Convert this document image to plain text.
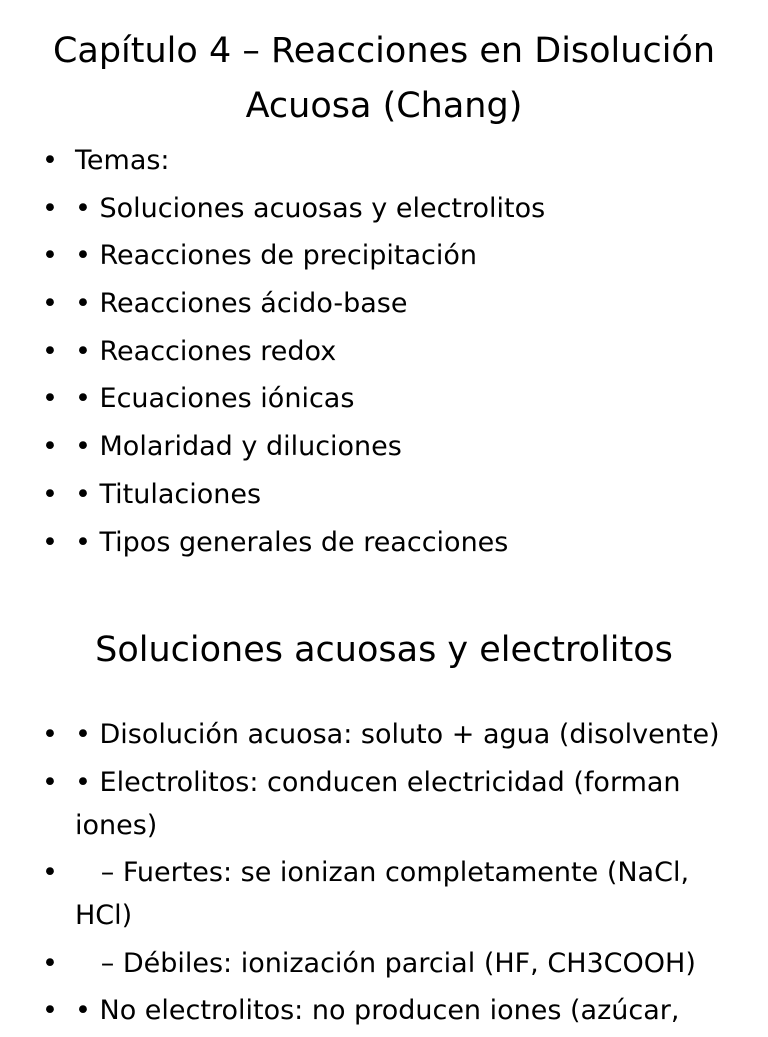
Capítulo 4 – Reacciones en Disolución Acuosa (Chang)
• Temas:
• • Soluciones acuosas y electrolitos
• • Reacciones de precipitación
• • Reacciones ácido-base
• • Reacciones redox
• • Ecuaciones iónicas
• • Molaridad y diluciones
• • Titulaciones
• • Tipos generales de reacciones
Soluciones acuosas y electrolitos
• • Disolución acuosa: soluto + agua (disolvente)
• • Electrolitos: conducen electricidad (forman iones)
• – Fuertes: se ionizan completamente (NaCl, HCl)
• – Débiles: ionización parcial (HF, CH3COOH)
• • No electrolitos: no producen iones (azúcar,
